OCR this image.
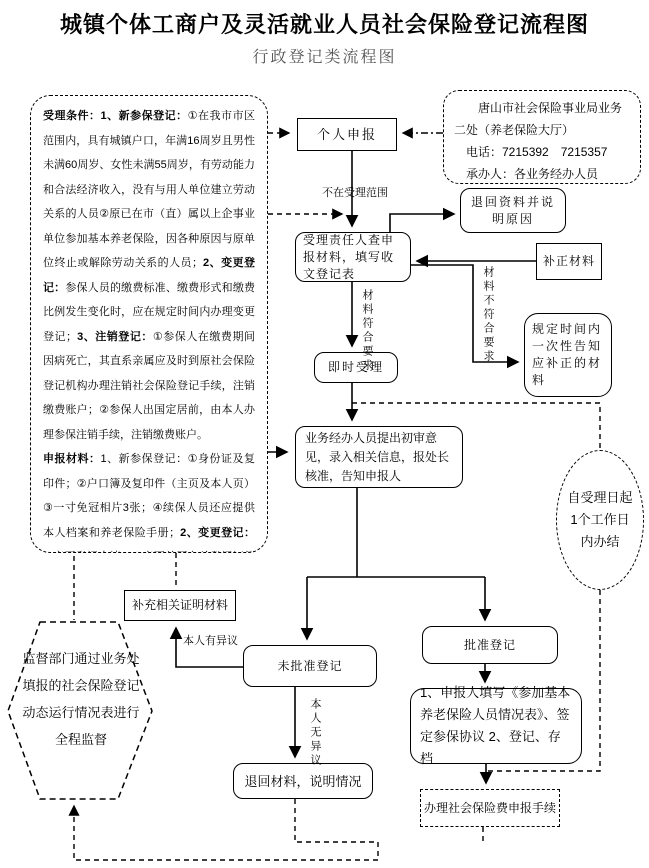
城镇个体工商户及灵活就业人员社会保险登记流程图
行政登记类流程图
受理条件：1、新参保登记：①在我市市区范围内，具有城镇户口，年满16周岁且男性未满60周岁、女性未满55周岁，有劳动能力和合法经济收入，没有与用人单位建立劳动关系的人员②原已在市（直）属以上企事业单位参加基本养老保险，因各种原因与原单位终止或解除劳动关系的人员；2、变更登记：参保人员的缴费标准、缴费形式和缴费比例发生变化时，应在规定时间内办理变更登记；3、注销登记：①参保人在缴费期间因病死亡，其直系亲属应及时到原社会保险登记机构办理注销社会保险登记手续，注销缴费账户；②参保人出国定居前，由本人办理参保注销手续，注销缴费账户。
申报材料：1、新参保登记：①身份证及复印件；②户口簿及复印件（主页及本人页）③一寸免冠相片3张；④续保人员还应提供本人档案和养老保险手册；2、变更登记：
唐山市社会保险事业局业务二处（养老保险大厅）
电话：7215392　7215357
承办人：各业务经办人员
个人申报
退回资料并说明原因
受理责任人查申报材料，填写收文登记表
补正材料
即时受理
规定时间内一次性告知应补正的材料
业务经办人员提出初审意见，录入相关信息，报处长核准，告知申报人
自受理日起1个工作日内办结
补充相关证明材料
未批准登记
批准登记
监督部门通过业务处填报的社会保险登记动态运行情况表进行全程监督
1、申报人填写《参加基本养老保险人员情况表》、签定参保协议 2、登记、存档
退回材料，说明情况
办理社会保险费申报手续
不在受理范围
材料符合要求	材料不符合要求
本人有异议
本人无异议
